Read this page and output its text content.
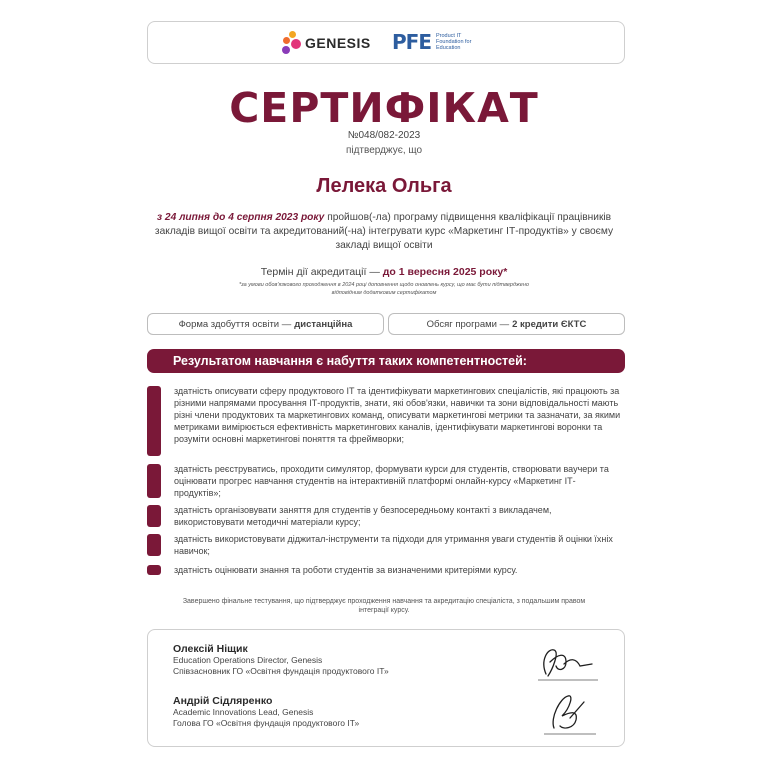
GENESIS PFE Product IT Foundation for Education
СЕРТИФІКАТ
№048/082-2023
підтверджує, що
Лелека Ольга
з 24 липня до 4 серпня 2023 року пройшов(-ла) програму підвищення кваліфікації працівників закладів вищої освіти та акредитований(-на) інтегрувати курс «Маркетинг ІТ-продуктів» у своєму закладі вищої освіти
Термін дії акредитації — до 1 вересня 2025 року*
*за умови обов'язкового проходження в 2024 році доповнення щодо оновлень курсу, що має бути підтверджено відповідним додатковим сертифікатом
Форма здобуття освіти — дистанційна	Обсяг програми — 2 кредити ЄКТС
Результатом навчання є набуття таких компетентностей:
здатність описувати сферу продуктового ІТ та ідентифікувати маркетингових спеціалістів, які працюють за різними напрямами просування ІТ-продуктів, знати, які обов'язки, навички та зони відповідальності мають різні члени продуктових та маркетингових команд, описувати маркетингові метрики та зазначати, за якими метриками вимірюється ефективність маркетингових каналів, ідентифікувати маркетингові воронки та розуміти основні маркетингові поняття та фреймворки;
здатність реєструватись, проходити симулятор, формувати курси для студентів, створювати ваучери та оцінювати прогрес навчання студентів на інтерактивній платформі онлайн-курсу «Маркетинг ІТ-продуктів»;
здатність організовувати заняття для студентів у безпосередньому контакті з викладачем, використовувати методичні матеріали курсу;
здатність використовувати діджитал-інструменти та підходи для утримання уваги студентів й оцінки їхніх навичок;
здатність оцінювати знання та роботи студентів за визначеними критеріями курсу.
Завершено фінальне тестування, що підтверджує проходження навчання та акредитацію спеціаліста, з подальшим правом інтеграції курсу.
Олексій Ніщик
Education Operations Director, Genesis
Співзасновник ГО «Освітня фундація продуктового ІТ»
Андрій Сідляренко
Academic Innovations Lead, Genesis
Голова ГО «Освітня фундація продуктового ІТ»
